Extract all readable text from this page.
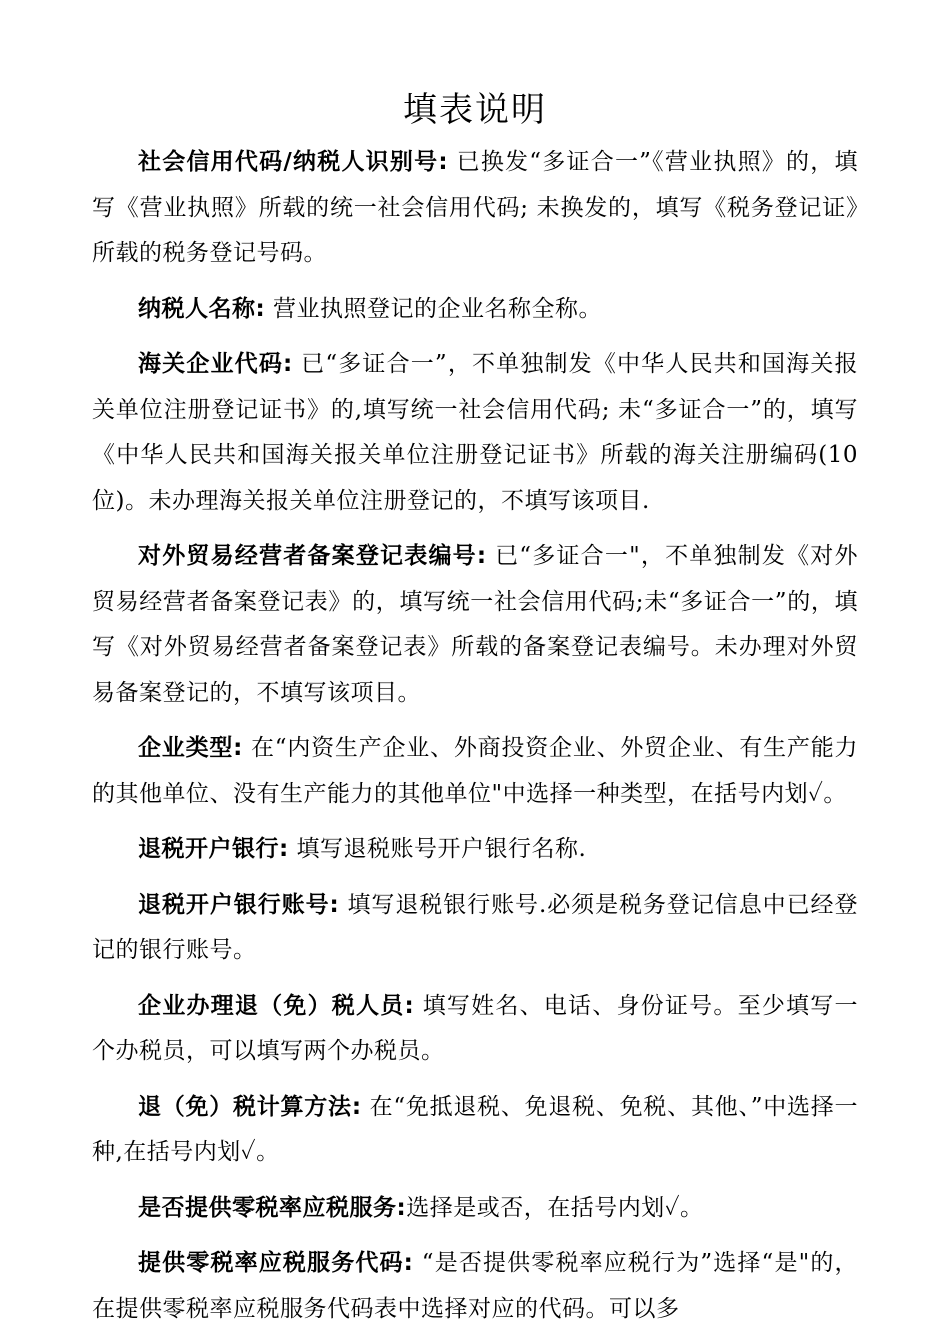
填表说明

社会信用代码/纳税人识别号: 已换发“多证合一”《营业执照》的，填写《营业执照》所载的统一社会信用代码; 未换发的，填写《税务登记证》所载的税务登记号码。

纳税人名称: 营业执照登记的企业名称全称。

海关企业代码: 已“多证合一”，不单独制发《中华人民共和国海关报关单位注册登记证书》的,填写统一社会信用代码; 未“多证合一”的，填写《中华人民共和国海关报关单位注册登记证书》所载的海关注册编码(10位)。未办理海关报关单位注册登记的，不填写该项目.

对外贸易经营者备案登记表编号: 已“多证合一"，不单独制发《对外贸易经营者备案登记表》的，填写统一社会信用代码;未“多证合一”的，填写《对外贸易经营者备案登记表》所载的备案登记表编号。未办理对外贸易备案登记的，不填写该项目。

企业类型: 在“内资生产企业、外商投资企业、外贸企业、有生产能力的其他单位、没有生产能力的其他单位"中选择一种类型，在括号内划✓。

退税开户银行: 填写退税账号开户银行名称.

退税开户银行账号: 填写退税银行账号.必须是税务登记信息中已经登记的银行账号。

企业办理退（免）税人员: 填写姓名、电话、身份证号。至少填写一个办税员，可以填写两个办税员。

退（免）税计算方法: 在“免抵退税、免退税、免税、其他、”中选择一种,在括号内划✓。

是否提供零税率应税服务:选择是或否，在括号内划✓。

提供零税率应税服务代码: “是否提供零税率应税行为”选择“是"的，在提供零税率应税服务代码表中选择对应的代码。可以多
